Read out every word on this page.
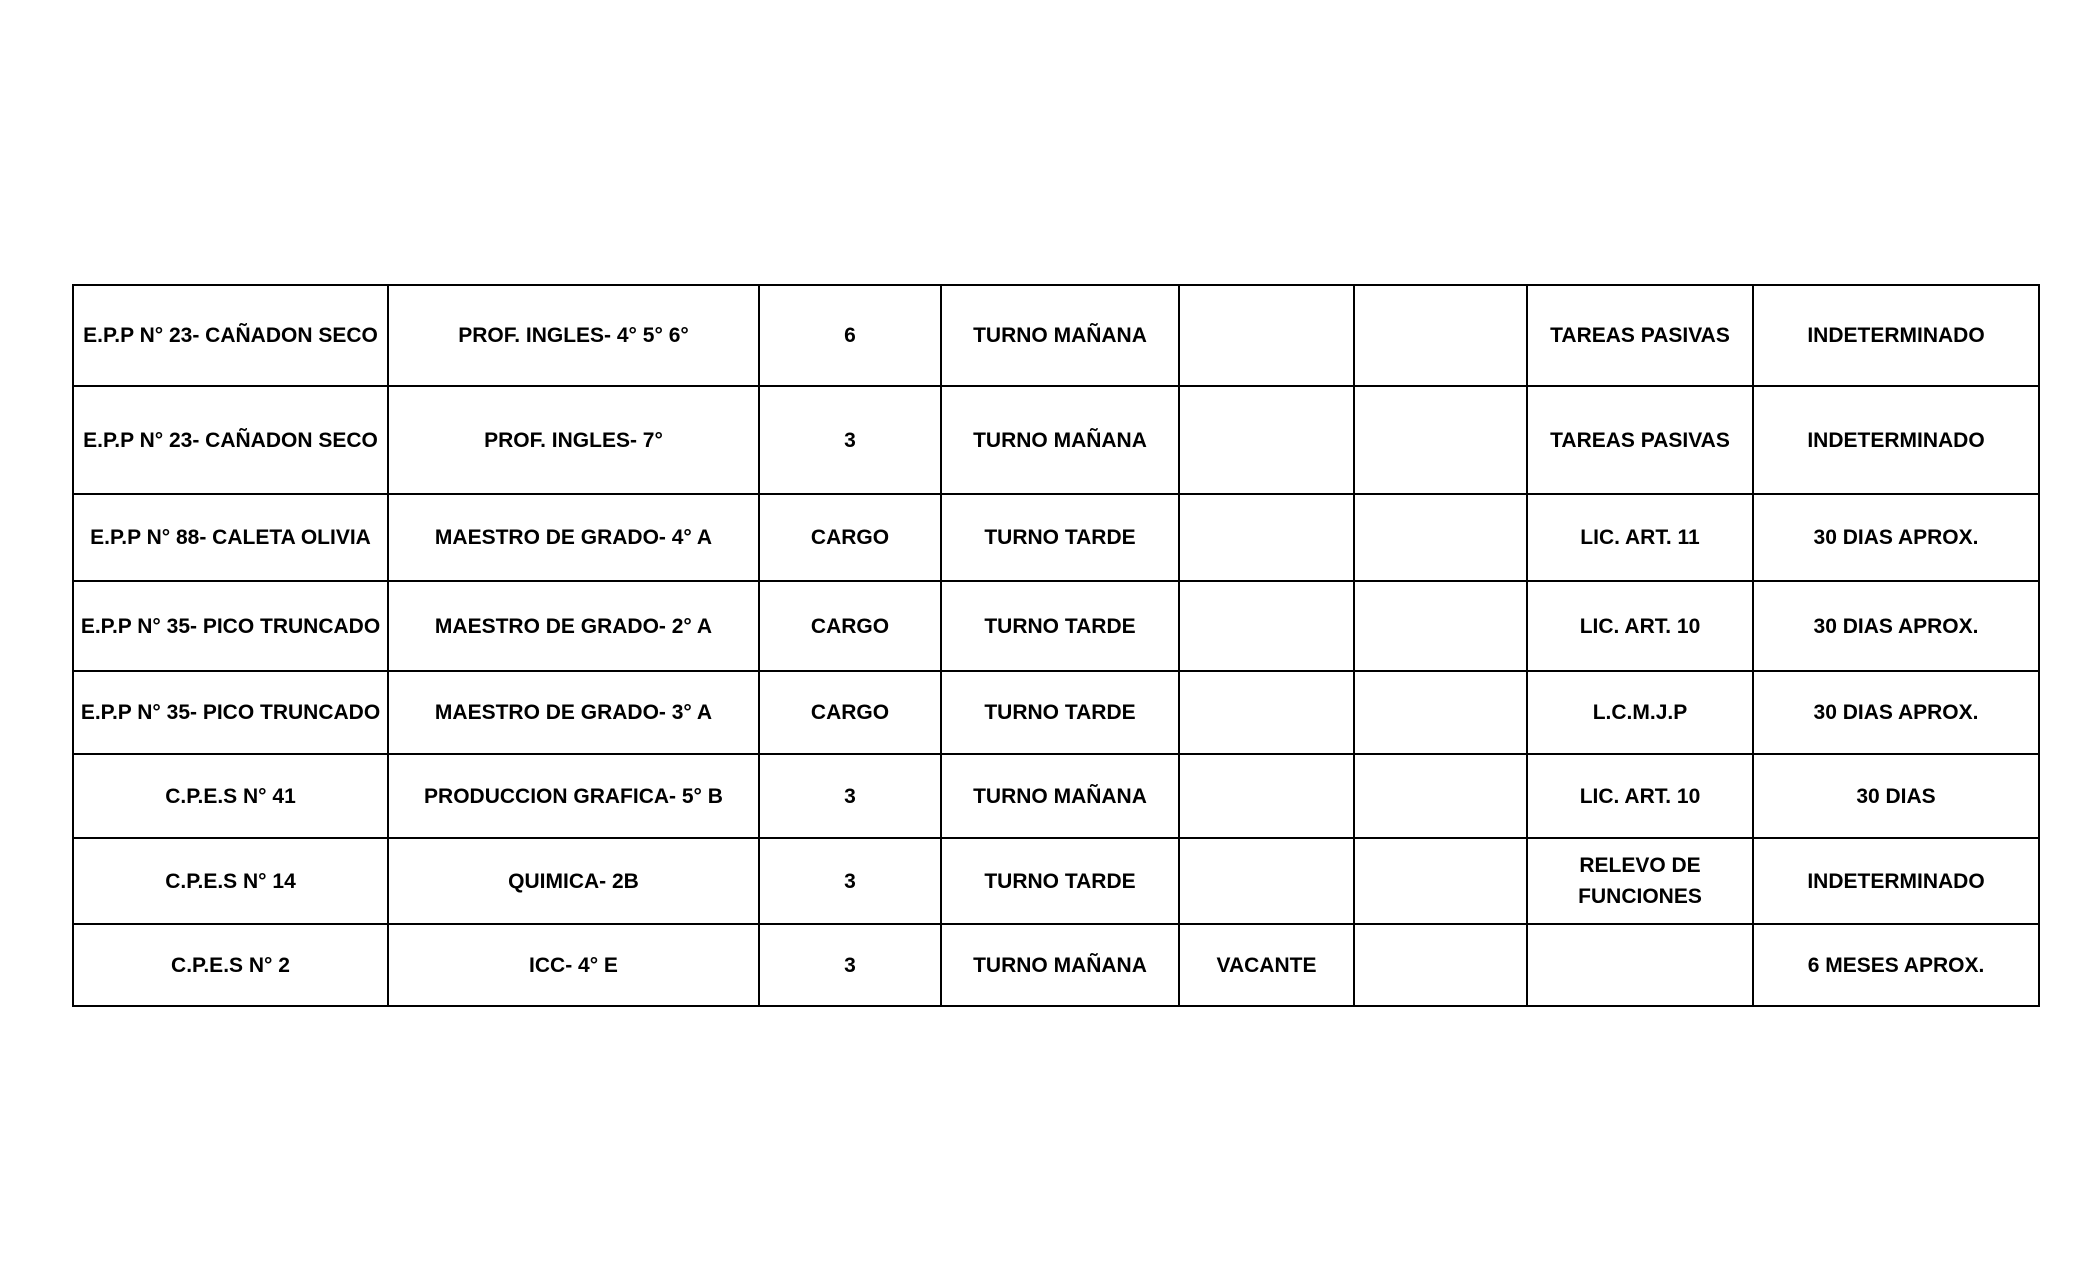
E.P.P N° 23- CAÑADON SECO	PROF. INGLES- 4° 5° 6°	6	TURNO MAÑANA			TAREAS PASIVAS	INDETERMINADO
E.P.P N° 23- CAÑADON SECO	PROF. INGLES- 7°	3	TURNO MAÑANA			TAREAS PASIVAS	INDETERMINADO
E.P.P N° 88- CALETA OLIVIA	MAESTRO DE GRADO- 4° A	CARGO	TURNO TARDE			LIC. ART. 11	30 DIAS APROX.
E.P.P N° 35- PICO TRUNCADO	MAESTRO DE GRADO- 2° A	CARGO	TURNO TARDE			LIC. ART. 10	30 DIAS APROX.
E.P.P N° 35- PICO TRUNCADO	MAESTRO DE GRADO- 3° A	CARGO	TURNO TARDE			L.C.M.J.P	30 DIAS APROX.
C.P.E.S N° 41	PRODUCCION GRAFICA- 5° B	3	TURNO MAÑANA			LIC. ART. 10	30 DIAS
C.P.E.S N° 14	QUIMICA- 2B	3	TURNO TARDE			RELEVO DE FUNCIONES	INDETERMINADO
C.P.E.S N° 2	ICC- 4° E	3	TURNO MAÑANA	VACANTE			6 MESES APROX.
